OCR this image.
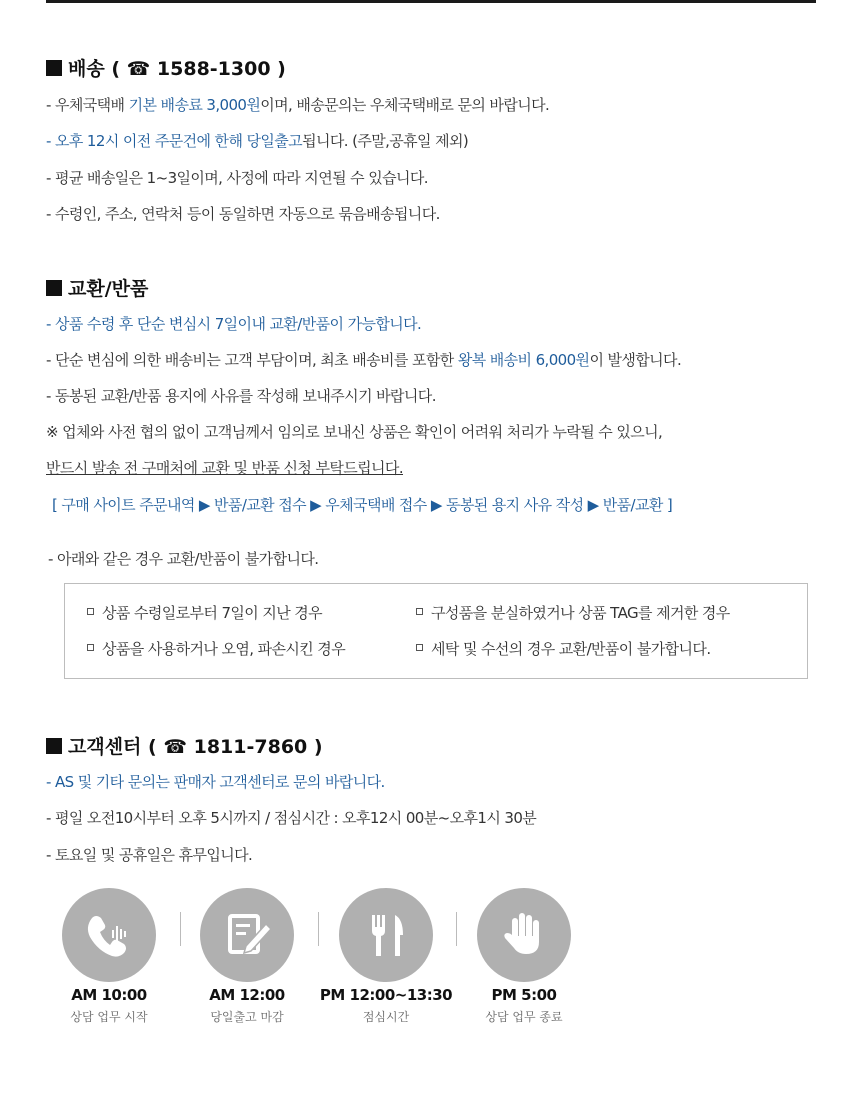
배송 ( ☎ 1588-1300 )
- 우체국택배 기본 배송료 3,000원이며, 배송문의는 우체국택배로 문의 바랍니다.
- 오후 12시 이전 주문건에 한해 당일출고됩니다. (주말,공휴일 제외)
- 평균 배송일은 1~3일이며, 사정에 따라 지연될 수 있습니다.
- 수령인, 주소, 연락처 등이 동일하면 자동으로 묶음배송됩니다.
교환/반품
- 상품 수령 후 단순 변심시 7일이내 교환/반품이 가능합니다.
- 단순 변심에 의한 배송비는 고객 부담이며, 최초 배송비를 포함한 왕복 배송비 6,000원이 발생합니다.
- 동봉된 교환/반품 용지에 사유를 작성해 보내주시기 바랍니다.
※ 업체와 사전 협의 없이 고객님께서 임의로 보내신 상품은 확인이 어려워 처리가 누락될 수 있으니,
반드시 발송 전 구매처에 교환 및 반품 신청 부탁드립니다.
[ 구매 사이트 주문내역 ▶ 반품/교환 접수 ▶ 우체국택배 접수 ▶ 동봉된 용지 사유 작성 ▶ 반품/교환 ]
- 아래와 같은 경우 교환/반품이 불가합니다.
상품 수령일로부터 7일이 지난 경우	구성품을 분실하였거나 상품 TAG를 제거한 경우
상품을 사용하거나 오염, 파손시킨 경우	세탁 및 수선의 경우 교환/반품이 불가합니다.
고객센터 ( ☎ 1811-7860 )
- AS 및 기타 문의는 판매자 고객센터로 문의 바랍니다.
- 평일 오전10시부터 오후 5시까지 / 점심시간 : 오후12시 00분~오후1시 30분
- 토요일 및 공휴일은 휴무입니다.
AM 10:00
상담 업무 시작
AM 12:00
당일출고 마감
PM 12:00~13:30
점심시간
PM 5:00
상담 업무 종료
